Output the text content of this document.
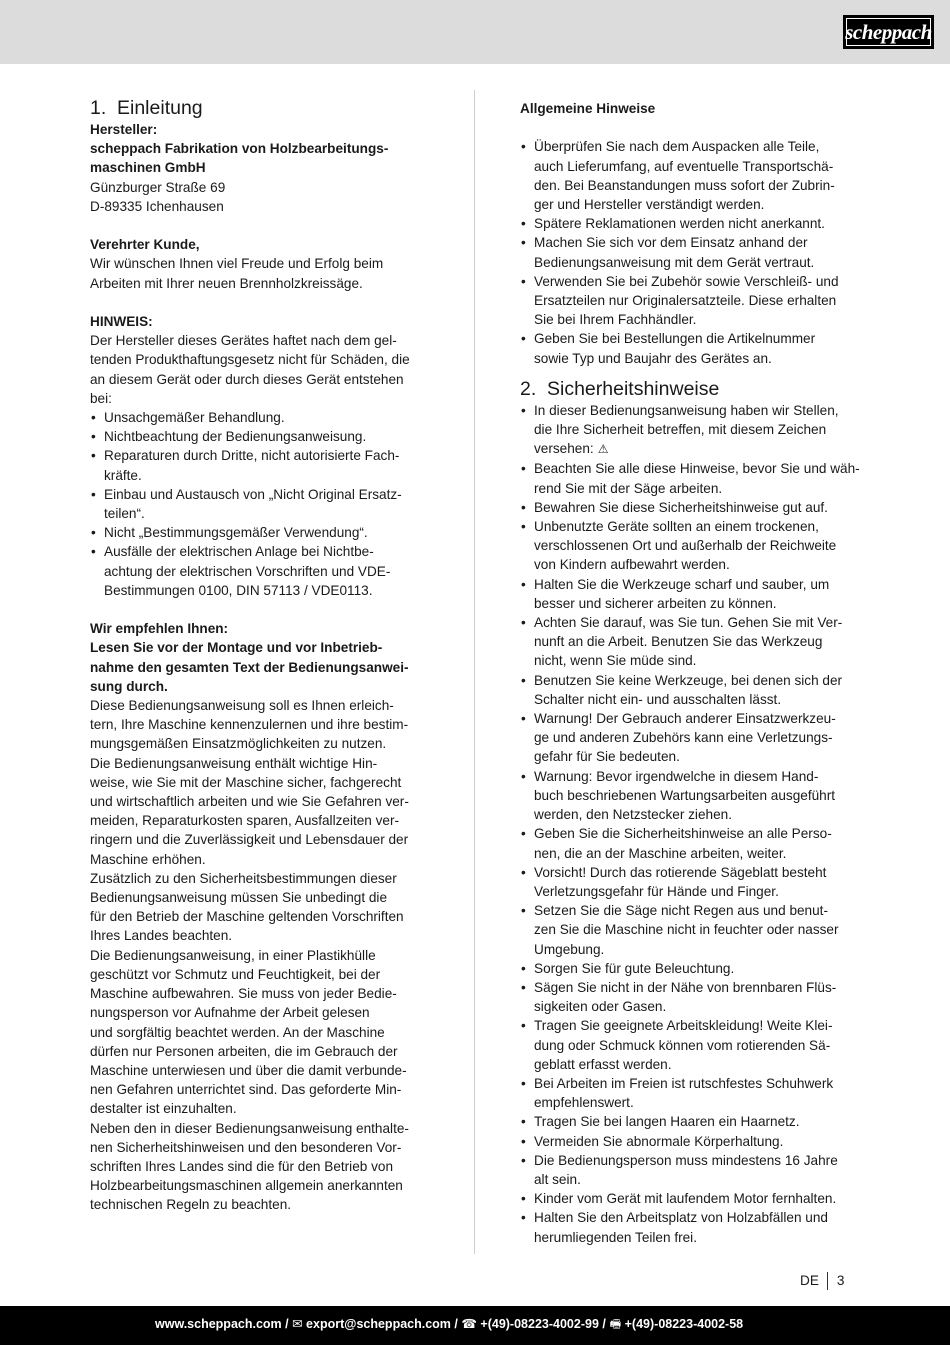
scheppach
1. Einleitung
Hersteller:
scheppach Fabrikation von Holzbearbeitungs-
maschinen GmbH
Günzburger Straße 69
D-89335 Ichenhausen
Verehrter Kunde,
Wir wünschen Ihnen viel Freude und Erfolg beim
Arbeiten mit Ihrer neuen Brennholzkreissäge.
HINWEIS:
Der Hersteller dieses Gerätes haftet nach dem gel-
tenden Produkthaftungsgesetz nicht für Schäden, die
an diesem Gerät oder durch dieses Gerät entstehen
bei:
• Unsachgemäßer Behandlung.
• Nichtbeachtung der Bedienungsanweisung.
• Reparaturen durch Dritte, nicht autorisierte Fach-
kräfte.
• Einbau und Austausch von „Nicht Original Ersatz-
teilen“.
• Nicht „Bestimmungsgemäßer Verwendung“.
• Ausfälle der elektrischen Anlage bei Nichtbe-
achtung der elektrischen Vorschriften und VDE-
Bestimmungen 0100, DIN 57113 / VDE0113.
Wir empfehlen Ihnen:
Lesen Sie vor der Montage und vor Inbetrieb-
nahme den gesamten Text der Bedienungsanwei-
sung durch.
Diese Bedienungsanweisung soll es Ihnen erleich-
tern, Ihre Maschine kennenzulernen und ihre bestim-
mungsgemäßen Einsatzmöglichkeiten zu nutzen.
Die Bedienungsanweisung enthält wichtige Hin-
weise, wie Sie mit der Maschine sicher, fachgerecht
und wirtschaftlich arbeiten und wie Sie Gefahren ver-
meiden, Reparaturkosten sparen, Ausfallzeiten ver-
ringern und die Zuverlässigkeit und Lebensdauer der
Maschine erhöhen.
Zusätzlich zu den Sicherheitsbestimmungen dieser
Bedienungsanweisung müssen Sie unbedingt die
für den Betrieb der Maschine geltenden Vorschriften
Ihres Landes beachten.
Die Bedienungsanweisung, in einer Plastikhülle
geschützt vor Schmutz und Feuchtigkeit, bei der
Maschine aufbewahren. Sie muss von jeder Bedie-
nungsperson vor Aufnahme der Arbeit gelesen
und sorgfältig beachtet werden. An der Maschine
dürfen nur Personen arbeiten, die im Gebrauch der
Maschine unterwiesen und über die damit verbunde-
nen Gefahren unterrichtet sind. Das geforderte Min-
destalter ist einzuhalten.
Neben den in dieser Bedienungsanweisung enthalte-
nen Sicherheitshinweisen und den besonderen Vor-
schriften Ihres Landes sind die für den Betrieb von
Holzbearbeitungsmaschinen allgemein anerkannten
technischen Regeln zu beachten.
Allgemeine Hinweise
• Überprüfen Sie nach dem Auspacken alle Teile,
auch Lieferumfang, auf eventuelle Transportschä-
den. Bei Beanstandungen muss sofort der Zubrin-
ger und Hersteller verständigt werden.
• Spätere Reklamationen werden nicht anerkannt.
• Machen Sie sich vor dem Einsatz anhand der
Bedienungsanweisung mit dem Gerät vertraut.
• Verwenden Sie bei Zubehör sowie Verschleiß- und
Ersatzteilen nur Originalersatzteile. Diese erhalten
Sie bei Ihrem Fachhändler.
• Geben Sie bei Bestellungen die Artikelnummer
sowie Typ und Baujahr des Gerätes an.
2. Sicherheitshinweise
• In dieser Bedienungsanweisung haben wir Stellen,
die Ihre Sicherheit betreffen, mit diesem Zeichen
versehen: ⚠
• Beachten Sie alle diese Hinweise, bevor Sie und wäh-
rend Sie mit der Säge arbeiten.
• Bewahren Sie diese Sicherheitshinweise gut auf.
• Unbenutzte Geräte sollten an einem trockenen,
verschlossenen Ort und außerhalb der Reichweite
von Kindern aufbewahrt werden.
• Halten Sie die Werkzeuge scharf und sauber, um
besser und sicherer arbeiten zu können.
• Achten Sie darauf, was Sie tun. Gehen Sie mit Ver-
nunft an die Arbeit. Benutzen Sie das Werkzeug
nicht, wenn Sie müde sind.
• Benutzen Sie keine Werkzeuge, bei denen sich der
Schalter nicht ein- und ausschalten lässt.
• Warnung! Der Gebrauch anderer Einsatzwerkzeu-
ge und anderen Zubehörs kann eine Verletzungs-
gefahr für Sie bedeuten.
• Warnung: Bevor irgendwelche in diesem Hand-
buch beschriebenen Wartungsarbeiten ausgeführt
werden, den Netzstecker ziehen.
• Geben Sie die Sicherheitshinweise an alle Perso-
nen, die an der Maschine arbeiten, weiter.
• Vorsicht! Durch das rotierende Sägeblatt besteht
Verletzungsgefahr für Hände und Finger.
• Setzen Sie die Säge nicht Regen aus und benut-
zen Sie die Maschine nicht in feuchter oder nasser
Umgebung.
• Sorgen Sie für gute Beleuchtung.
• Sägen Sie nicht in der Nähe von brennbaren Flüs-
sigkeiten oder Gasen.
• Tragen Sie geeignete Arbeitskleidung! Weite Klei-
dung oder Schmuck können vom rotierenden Sä-
geblatt erfasst werden.
• Bei Arbeiten im Freien ist rutschfestes Schuhwerk
empfehlenswert.
• Tragen Sie bei langen Haaren ein Haarnetz.
• Vermeiden Sie abnormale Körperhaltung.
• Die Bedienungsperson muss mindestens 16 Jahre
alt sein.
• Kinder vom Gerät mit laufendem Motor fernhalten.
• Halten Sie den Arbeitsplatz von Holzabfällen und
herumliegenden Teilen frei.
DE 3
www.scheppach.com / ✉ export@scheppach.com / ☎ +(49)-08223-4002-99 / 🖷 +(49)-08223-4002-58
